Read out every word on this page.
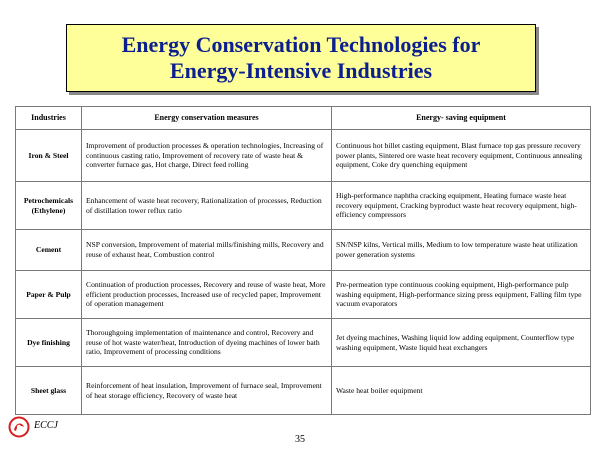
Energy Conservation Technologies for
Energy-Intensive Industries
Industries	Energy conservation measures	Energy- saving equipment
Iron & Steel	Improvement of production processes & operation technologies, Increasing of continuous casting ratio, Improvement of recovery rate of waste heat & converter furnace gas, Hot charge, Direct feed rolling	Continuous hot billet casting equipment, Blast furnace top gas pressure recovery power plants, Sintered ore waste heat recovery equipment, Continuous annealing equipment, Coke dry quenching equipment
Petrochemicals (Ethylene)	Enhancement of waste heat recovery, Rationalization of processes, Reduction of distillation tower reflux ratio	High-performance naphtha cracking equipment, Heating furnace waste heat recovery equipment, Cracking byproduct waste heat recovery equipment, high-efficiency compressors
Cement	NSP conversion, Improvement of material mills/finishing mills, Recovery and reuse of exhaust heat, Combustion control	SN/NSP kilns, Vertical mills, Medium to low temperature waste heat utilization power generation systems
Paper & Pulp	Continuation of production processes, Recovery and reuse of waste heat, More efficient production processes, Increased use of recycled paper, Improvement of operation management	Pre-permeation type continuous cooking equipment, High-performance pulp washing equipment, High-performance sizing press equipment, Falling film type vacuum evaporators
Dye finishing	Thoroughgoing implementation of maintenance and control, Recovery and reuse of hot waste water/heat, Introduction of dyeing machines of lower bath ratio, Improvement of processing conditions	Jet dyeing machines, Washing liquid low adding equipment, Counterflow type washing equipment, Waste liquid heat exchangers
Sheet glass	Reinforcement of heat insulation, Improvement of furnace seal, Improvement of heat storage efficiency, Recovery of waste heat	Waste heat boiler equipment
ECCJ
35
